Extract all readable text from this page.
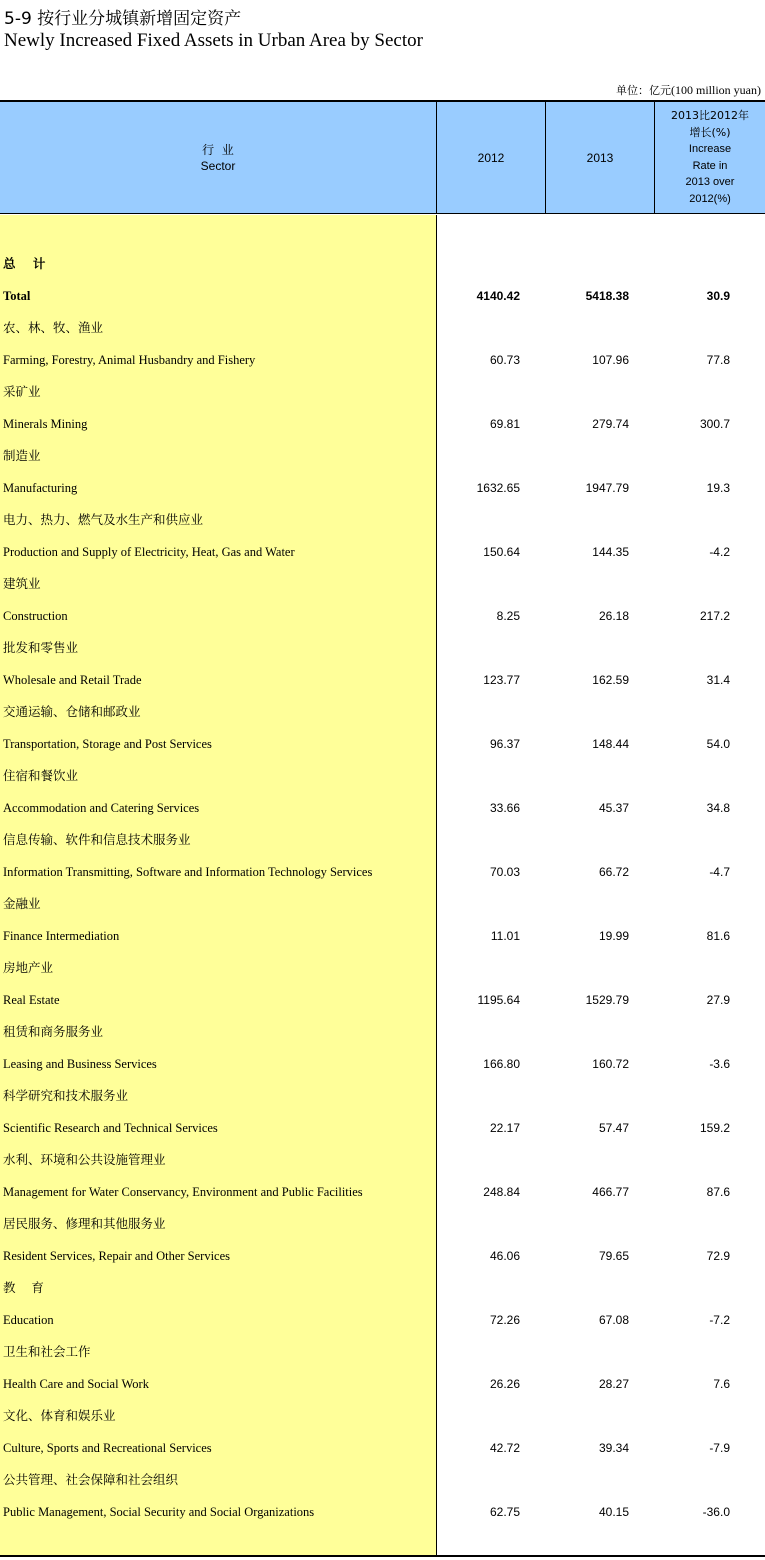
5-9 按行业分城镇新增固定资产
Newly Increased Fixed Assets in Urban Area by Sector
单位：亿元(100 million yuan)
行  业
Sector
2012	2013
2013比2012年
增长(%)
Increase
Rate in
2013 over
2012(%)
总    计
Total	4140.42	5418.38	30.9
农、林、牧、渔业
Farming, Forestry, Animal Husbandry and Fishery	60.73	107.96	77.8
采矿业
Minerals Mining	69.81	279.74	300.7
制造业
Manufacturing	1632.65	1947.79	19.3
电力、热力、燃气及水生产和供应业
Production and Supply of Electricity, Heat, Gas and Water	150.64	144.35	-4.2
建筑业
Construction	8.25	26.18	217.2
批发和零售业
Wholesale and Retail Trade	123.77	162.59	31.4
交通运输、仓储和邮政业
Transportation, Storage and Post Services	96.37	148.44	54.0
住宿和餐饮业
Accommodation and Catering Services	33.66	45.37	34.8
信息传输、软件和信息技术服务业
Information Transmitting, Software and Information Technology Services	70.03	66.72	-4.7
金融业
Finance Intermediation	11.01	19.99	81.6
房地产业
Real Estate	1195.64	1529.79	27.9
租赁和商务服务业
Leasing and Business Services	166.80	160.72	-3.6
科学研究和技术服务业
Scientific Research and Technical Services	22.17	57.47	159.2
水利、环境和公共设施管理业
Management for Water Conservancy, Environment and Public Facilities	248.84	466.77	87.6
居民服务、修理和其他服务业
Resident Services, Repair and Other Services	46.06	79.65	72.9
教    育
Education	72.26	67.08	-7.2
卫生和社会工作
Health Care and Social Work	26.26	28.27	7.6
文化、体育和娱乐业
Culture, Sports and Recreational Services	42.72	39.34	-7.9
公共管理、社会保障和社会组织
Public Management, Social Security and Social Organizations	62.75	40.15	-36.0
